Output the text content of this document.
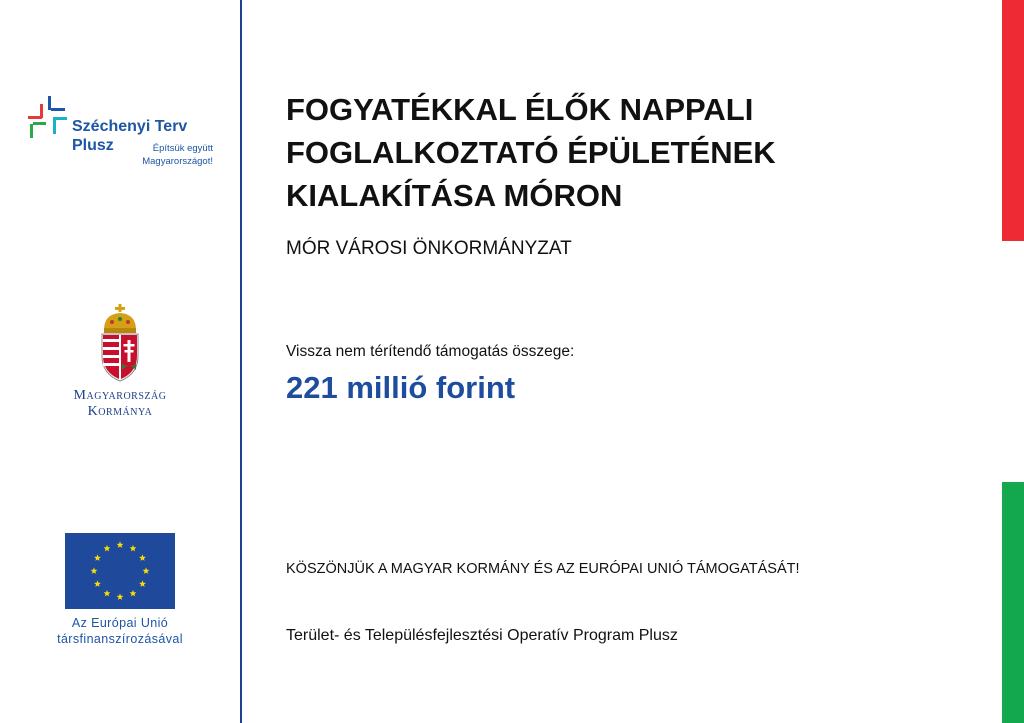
Széchenyi Terv
Plusz	Építsük együtt
Magyarországot!
Magyarország
Kormánya
Az Európai Unió
társfinanszírozásával
FOGYATÉKKAL ÉLŐK NAPPALI
FOGLALKOZTATÓ ÉPÜLETÉNEK
KIALAKÍTÁSA MÓRON
MÓR VÁROSI ÖNKORMÁNYZAT
Vissza nem térítendő támogatás összege:
221 millió forint
KÖSZÖNJÜK A MAGYAR KORMÁNY ÉS AZ EURÓPAI UNIÓ TÁMOGATÁSÁT!
Terület- és Településfejlesztési Operatív Program Plusz
